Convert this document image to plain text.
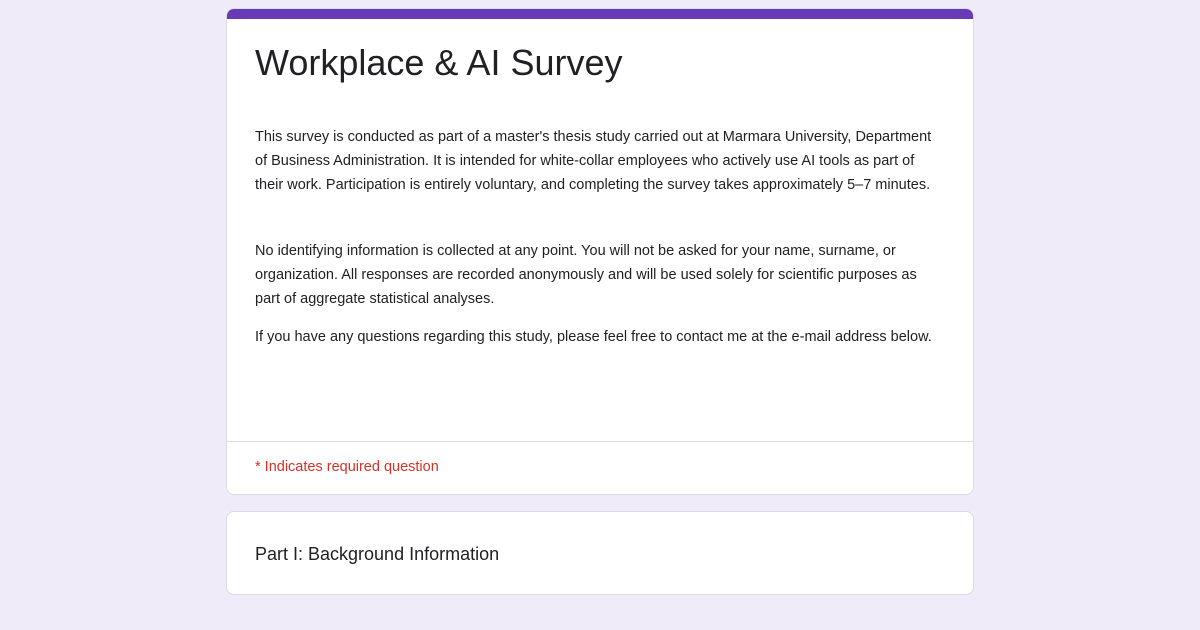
Workplace & AI Survey

This survey is conducted as part of a master's thesis study carried out at Marmara University, Department of Business Administration. It is intended for white-collar employees who actively use AI tools as part of their work. Participation is entirely voluntary, and completing the survey takes approximately 5–7 minutes.

No identifying information is collected at any point. You will not be asked for your name, surname, or organization. All responses are recorded anonymously and will be used solely for scientific purposes as part of aggregate statistical analyses.

If you have any questions regarding this study, please feel free to contact me at the e-mail address below.

* Indicates required question
Part I: Background Information
